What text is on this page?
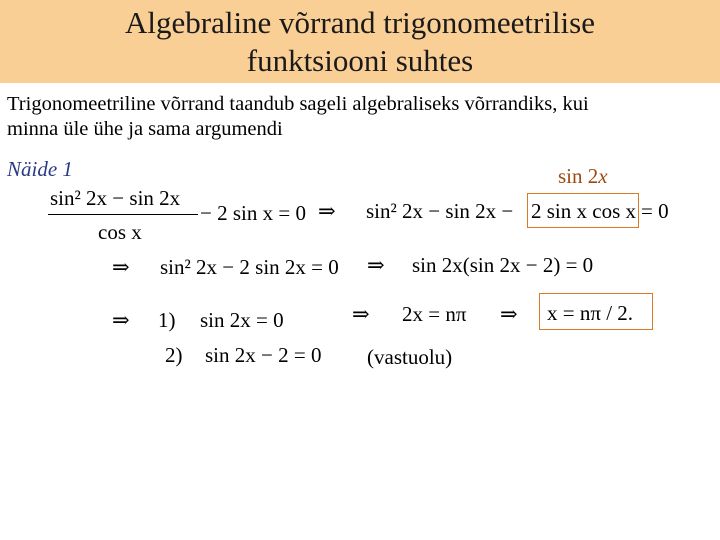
Algebraline võrrand trigonomeetrilise
funktsiooni suhtes
Trigonomeetriline võrrand taandub sageli algebraliseks võrrandiks, kui
minna üle ühe ja sama argumendi
Näide 1	sin 2x
sin² 2x − sin 2x
cos x
− 2 sin x = 0 ⇒ sin² 2x − sin 2x − 2 sin x cos x = 0
⇒ sin² 2x − 2 sin 2x = 0 ⇒ sin 2x(sin 2x − 2) = 0
⇒ 1) sin 2x = 0	⇒ 2x = nπ ⇒ x = nπ / 2.
2) sin 2x − 2 = 0 (vastuolu)
